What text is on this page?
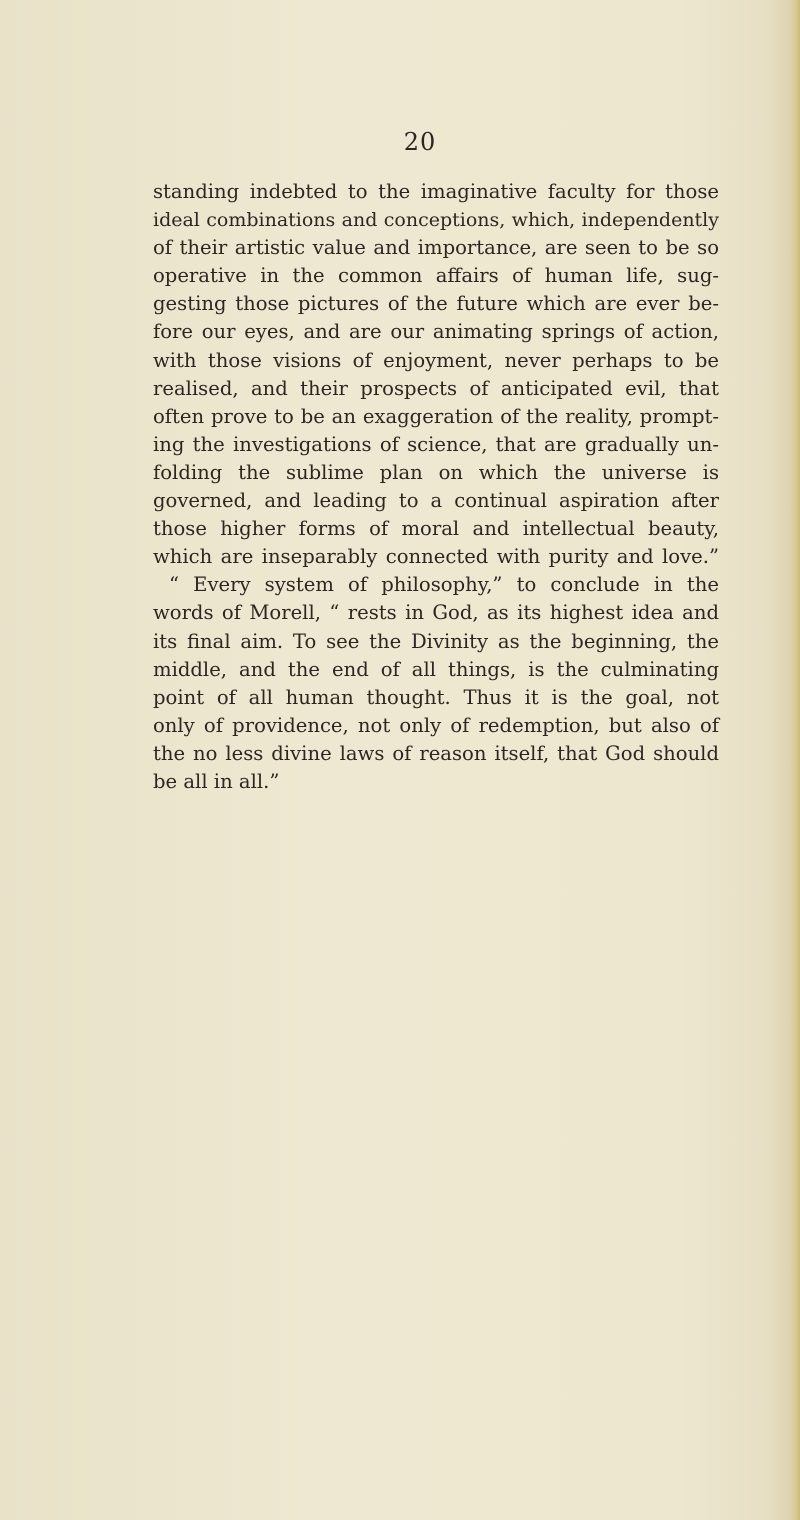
20
standing indebted to the imaginative faculty for those
ideal combinations and conceptions, which, independently
of their artistic value and importance, are seen to be so
operative in the common affairs of human life, sug-
gesting those pictures of the future which are ever be-
fore our eyes, and are our animating springs of action,
with those visions of enjoyment, never perhaps to be
realised, and their prospects of anticipated evil, that
often prove to be an exaggeration of the reality, prompt-
ing the investigations of science, that are gradually un-
folding the sublime plan on which the universe is
governed, and leading to a continual aspiration after
those higher forms of moral and intellectual beauty,
which are inseparably connected with purity and love.”
“ Every system of philosophy,” to conclude in the
words of Morell, “ rests in God, as its highest idea and
its final aim. To see the Divinity as the beginning, the
middle, and the end of all things, is the culminating
point of all human thought. Thus it is the goal, not
only of providence, not only of redemption, but also of
the no less divine laws of reason itself, that God should
be all in all.”
